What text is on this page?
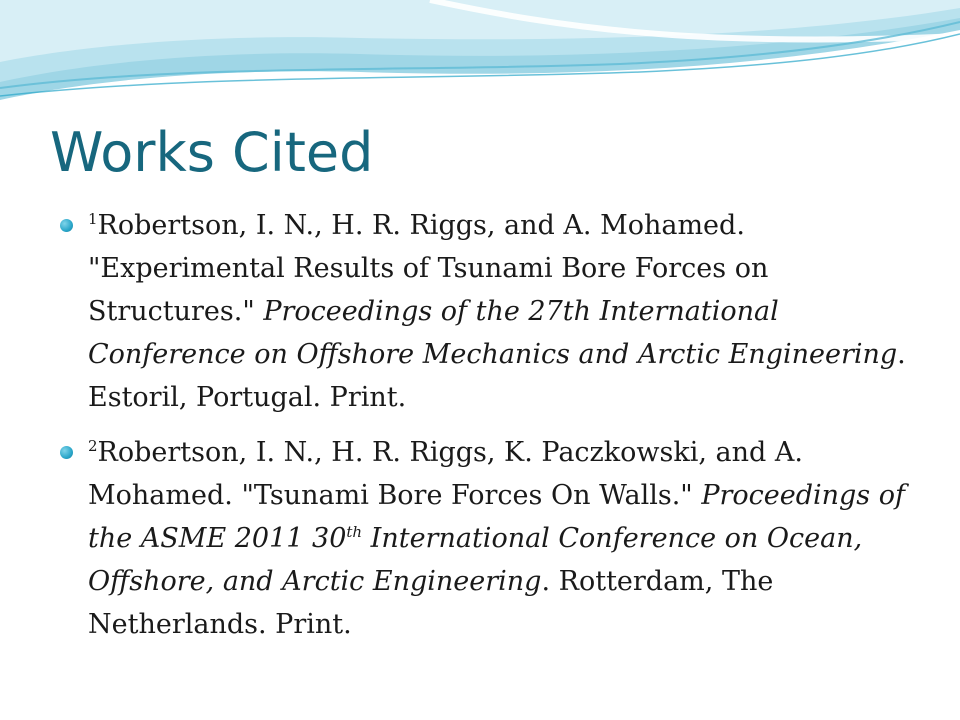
Works Cited
$^1$Robertson, I. N., H. R. Riggs, and A. Mohamed. "Experimental Results of Tsunami Bore Forces on Structures." Proceedings of the 27th International Conference on Offshore Mechanics and Arctic Engineering. Estoril, Portugal. Print.
$^2$Robertson, I. N., H. R. Riggs, K. Paczkowski, and A. Mohamed. "Tsunami Bore Forces On Walls." Proceedings of the ASME 2011 30th International Conference on Ocean, Offshore, and Arctic Engineering. Rotterdam, The Netherlands. Print.
